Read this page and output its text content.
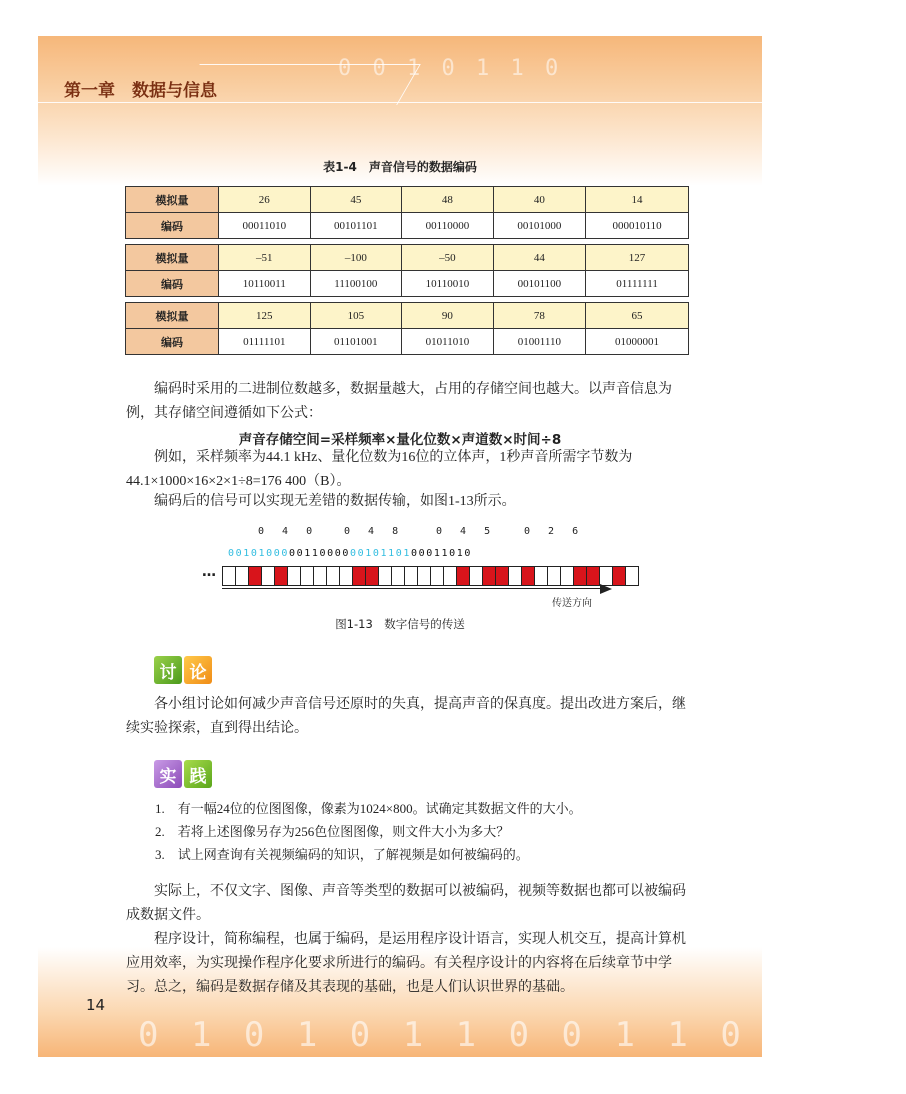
0 0 1 0 1 1 0
第一章　数据与信息
0 1 0 1 0 1 1 0 0 1 1 0 1 0 1
表1-4　声音信号的数据编码
模拟量	26	45	48	40	14
编码	00011010	00101101	00110000	00101000	000010110

模拟量	–51	–100	–50	44	127
编码	10110011	11100100	10110010	00101100	01111111

模拟量	125	105	90	78	65
编码	01111101	01101001	01011010	01001110	01000001
编码时采用的二进制位数越多，数据量越大，占用的存储空间也越大。以声音信息为例，其存储空间遵循如下公式：
声音存储空间=采样频率×量化位数×声道数×时间÷8
例如，采样频率为44.1 kHz、量化位数为16位的立体声，1秒声音所需字节数为44.1×1000×16×2×1÷8=176 400（B）。
编码后的信号可以实现无差错的数据传输，如图1-13所示。
0 4 0	0 4 8	0 4 5	0 2 6
00101000001100000010110100011010
…
传送方向
图1-13　数字信号的传送
讨 论
各小组讨论如何减少声音信号还原时的失真，提高声音的保真度。提出改进方案后，继续实验探索，直到得出结论。
实 践
1.　有一幅24位的位图图像，像素为1024×800。试确定其数据文件的大小。
2.　若将上述图像另存为256色位图图像，则文件大小为多大？
3.　试上网查询有关视频编码的知识，了解视频是如何被编码的。
实际上，不仅文字、图像、声音等类型的数据可以被编码，视频等数据也都可以被编码成数据文件。
程序设计，简称编程，也属于编码，是运用程序设计语言，实现人机交互，提高计算机应用效率，为实现操作程序化要求所进行的编码。有关程序设计的内容将在后续章节中学习。总之，编码是数据存储及其表现的基础，也是人们认识世界的基础。
14
